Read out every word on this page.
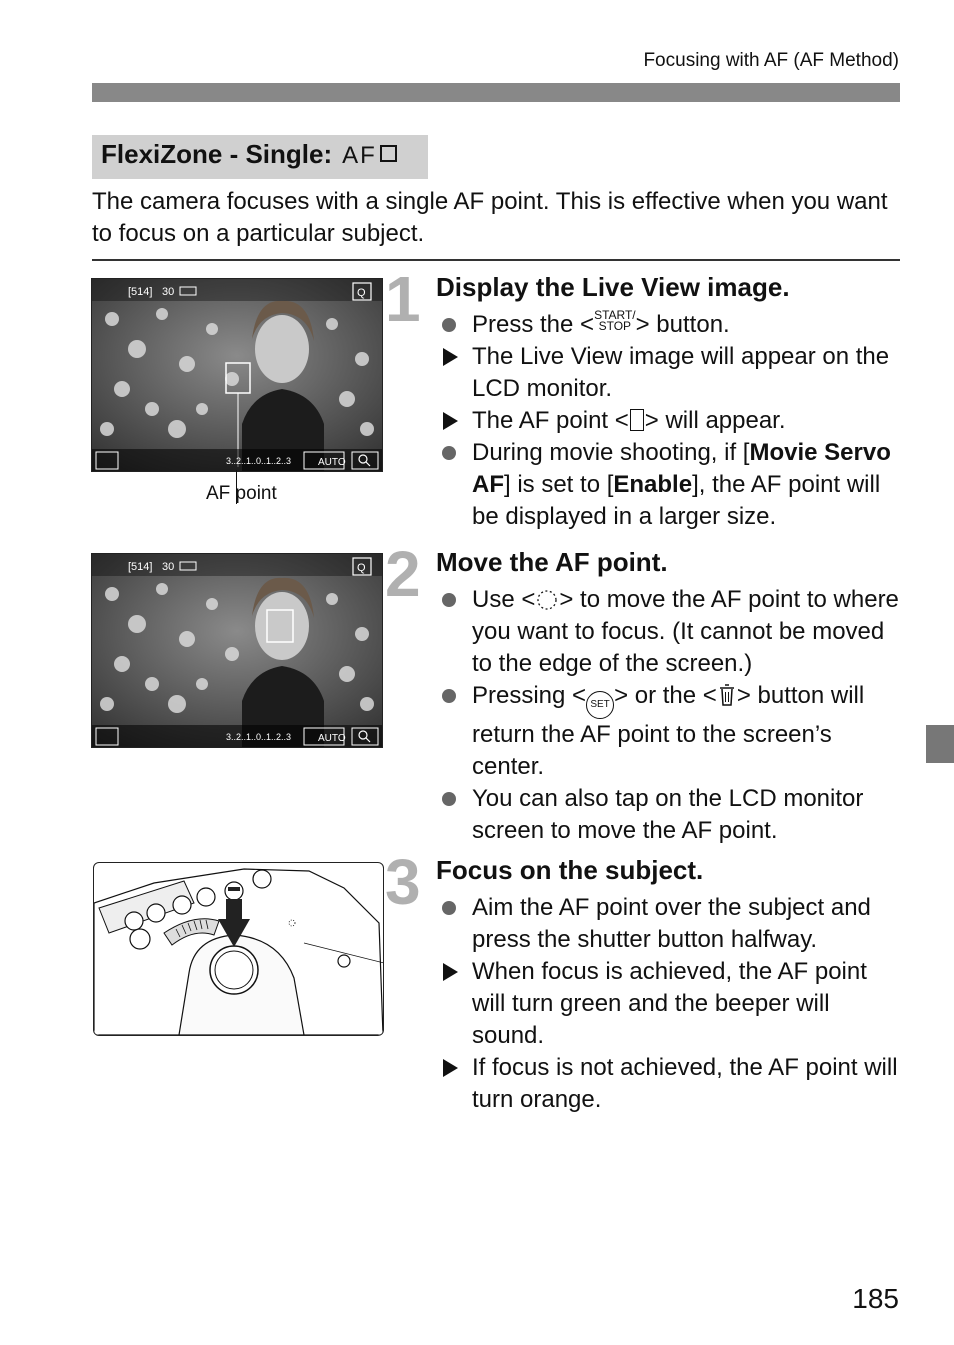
Focusing with AF (AF Method)
FlexiZone - Single: AF
The camera focuses with a single AF point. This is effective when you want to focus on a particular subject.
[514] 30	Q
3..2..1..0..1..2..3	AUTO
AF point
1 Display the Live View image.
Press the <START/
STOP > button.
The Live View image will appear on the LCD monitor.
The AF point < > will appear.
During movie shooting, if [Movie Servo AF] is set to [Enable], the AF point will be displayed in a larger size.
[514] 30	Q
3..2..1..0..1..2..3	AUTO
2 Move the AF point.
Use < > to move the AF point to where you want to focus. (It cannot be moved to the edge of the screen.)
Pressing < SET > or the < > button will return the AF point to the screen’s center.
You can also tap on the LCD monitor screen to move the AF point.
3 Focus on the subject.
Aim the AF point over the subject and press the shutter button halfway.
When focus is achieved, the AF point will turn green and the beeper will sound.
If focus is not achieved, the AF point will turn orange.
185
